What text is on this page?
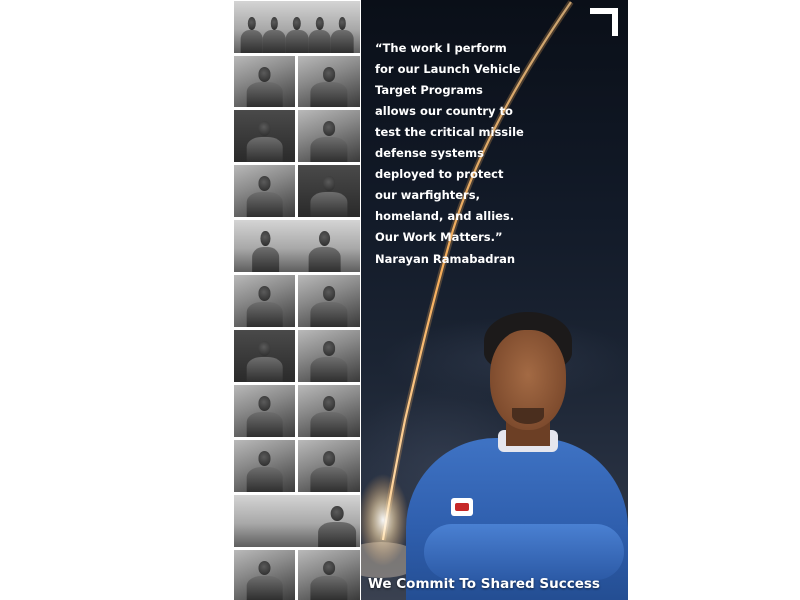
“The work I perform
for our Launch Vehicle
Target Programs
allows our country to
test the critical missile
defense systems
deployed to protect
our warfighters,
homeland, and allies.
Our Work Matters.”

Narayan Ramabadran

We Commit To Shared Success
